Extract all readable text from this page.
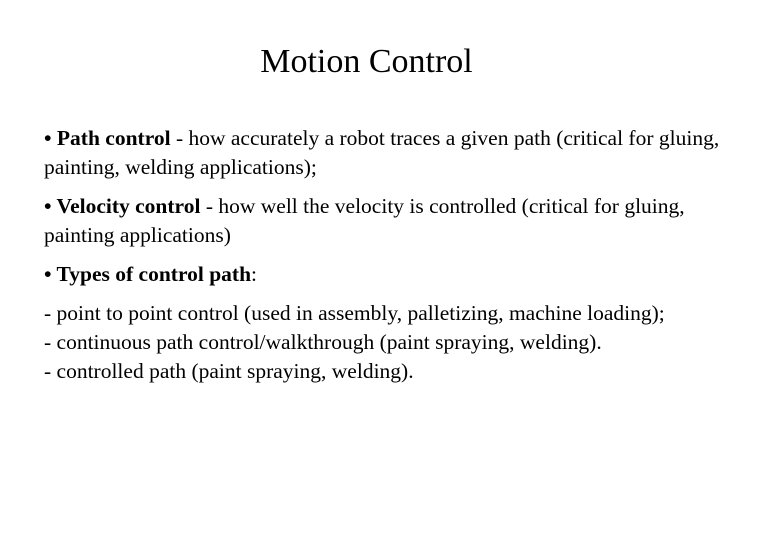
Motion Control

• Path control - how accurately a robot traces a given path (critical for gluing, painting, welding applications);

• Velocity control - how well the velocity is controlled (critical for gluing, painting applications)

• Types of control path:

- point to point control (used in assembly, palletizing, machine loading);
- continuous path control/walkthrough (paint spraying, welding).
- controlled path (paint spraying, welding).
